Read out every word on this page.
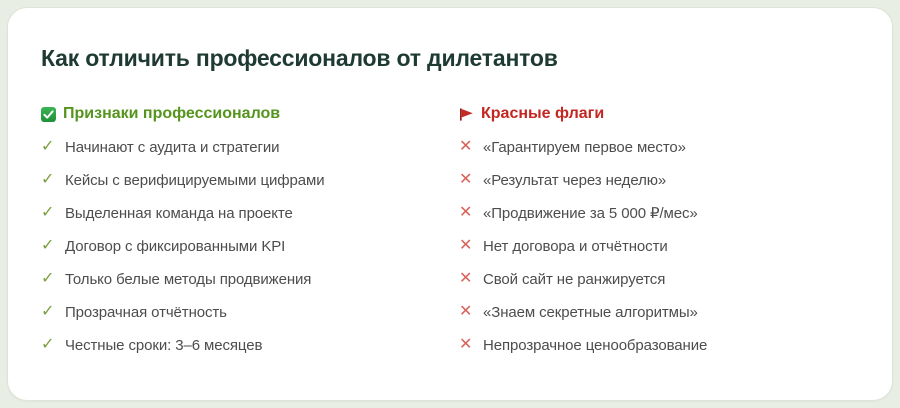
Как отличить профессионалов от дилетантов
Признаки профессионалов
✓ Начинают с аудита и стратегии
✓ Кейсы с верифицируемыми цифрами
✓ Выделенная команда на проекте
✓ Договор с фиксированными KPI
✓ Только белые методы продвижения
✓ Прозрачная отчётность
✓ Честные сроки: 3–6 месяцев
Красные флаги
✕ «Гарантируем первое место»
✕ «Результат через неделю»
✕ «Продвижение за 5 000 ₽/мес»
✕ Нет договора и отчётности
✕ Свой сайт не ранжируется
✕ «Знаем секретные алгоритмы»
✕ Непрозрачное ценообразование
